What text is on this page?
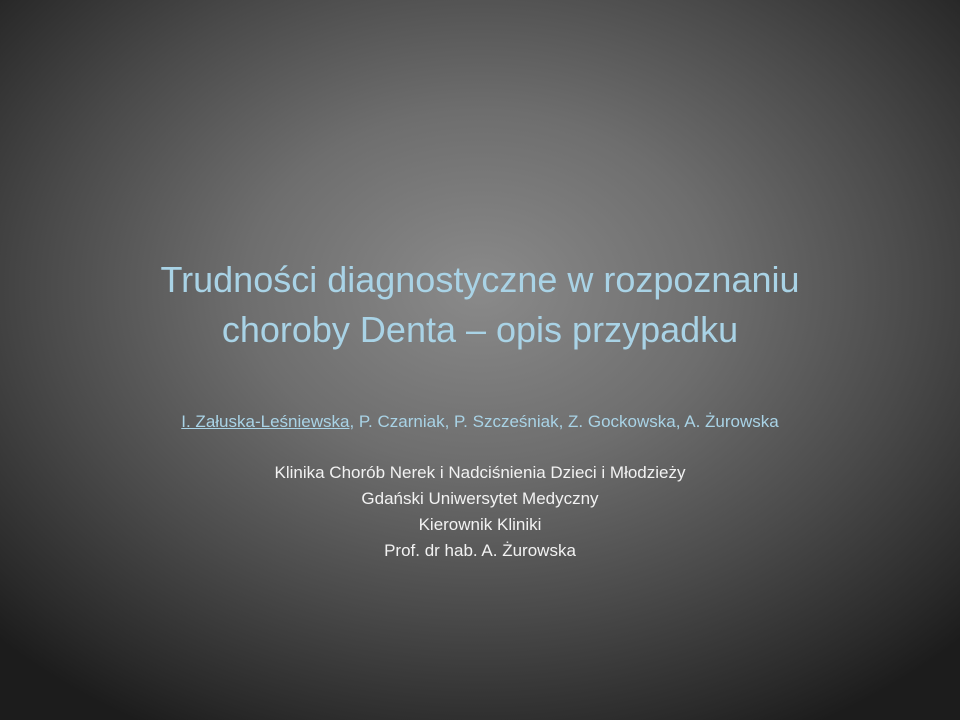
Trudności diagnostyczne w rozpoznaniu
choroby Denta – opis przypadku
I. Załuska-Leśniewska, P. Czarniak, P. Szcześniak, Z. Gockowska, A. Żurowska
Klinika Chorób Nerek i Nadciśnienia Dzieci i Młodzieży
Gdański Uniwersytet Medyczny
Kierownik Kliniki
Prof. dr hab. A. Żurowska
